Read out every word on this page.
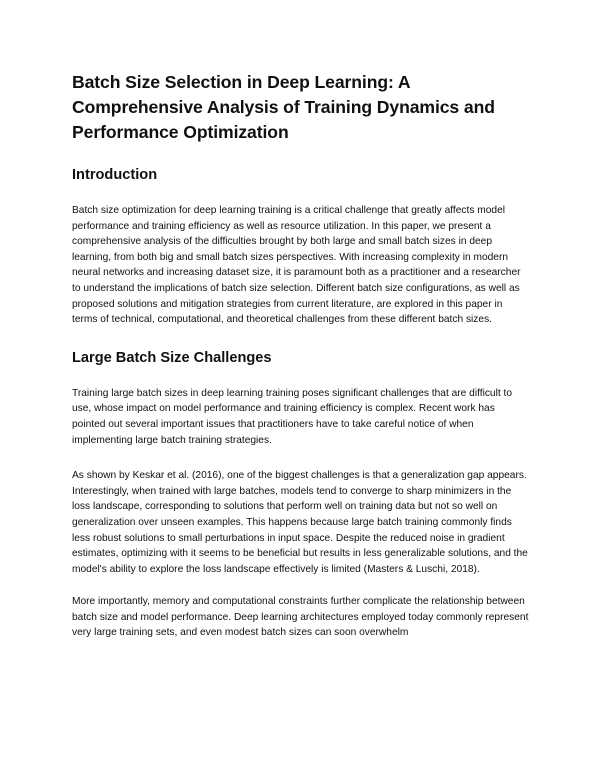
Batch Size Selection in Deep Learning: A Comprehensive Analysis of Training Dynamics and Performance Optimization
Introduction
Batch size optimization for deep learning training is a critical challenge that greatly affects model performance and training efficiency as well as resource utilization. In this paper, we present a comprehensive analysis of the difficulties brought by both large and small batch sizes in deep learning, from both big and small batch sizes perspectives. With increasing complexity in modern neural networks and increasing dataset size, it is paramount both as a practitioner and a researcher to understand the implications of batch size selection. Different batch size configurations, as well as proposed solutions and mitigation strategies from current literature, are explored in this paper in terms of technical, computational, and theoretical challenges from these different batch sizes.
Large Batch Size Challenges
Training large batch sizes in deep learning training poses significant challenges that are difficult to use, whose impact on model performance and training efficiency is complex. Recent work has pointed out several important issues that practitioners have to take careful notice of when implementing large batch training strategies.
As shown by Keskar et al. (2016), one of the biggest challenges is that a generalization gap appears. Interestingly, when trained with large batches, models tend to converge to sharp minimizers in the loss landscape, corresponding to solutions that perform well on training data but not so well on generalization over unseen examples. This happens because large batch training commonly finds less robust solutions to small perturbations in input space. Despite the reduced noise in gradient estimates, optimizing with it seems to be beneficial but results in less generalizable solutions, and the model's ability to explore the loss landscape effectively is limited (Masters & Luschi, 2018).
More importantly, memory and computational constraints further complicate the relationship between batch size and model performance. Deep learning architectures employed today commonly represent very large training sets, and even modest batch sizes can soon overwhelm
